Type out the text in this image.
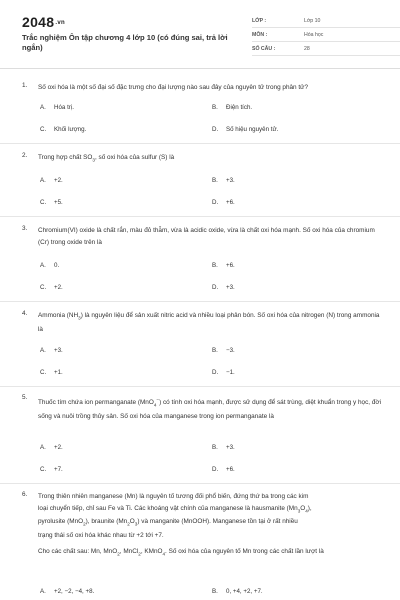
2048.vn
Trắc nghiệm Ôn tập chương 4 lớp 10 (có đúng sai, trả lời ngắn)
LỚP :	Lớp 10
MÔN :	Hóa học
SỐ CÂU :	28
1. Số oxi hóa là một số đại số đặc trưng cho đại lượng nào sau đây của nguyên tử trong phân tử?
A. Hóa trị.	B. Điện tích.
C. Khối lượng.	D. Số hiệu nguyên tử.
2. Trong hợp chất $SO_3$, số oxi hóa của sulfur (S) là
A. +2.	B. +3.
C. +5.	D. +6.
3. Chromium(VI) oxide là chất rắn, màu đỏ thẫm, vừa là acidic oxide, vừa là chất oxi hóa mạnh. Số oxi hóa của chromium (Cr) trong oxide trên là
A. 0.	B. +6.
C. +2.	D. +3.
4. Ammonia $(NH_3)$ là nguyên liệu để sản xuất nitric acid và nhiều loại phân bón. Số oxi hóa của nitrogen (N) trong ammonia là
A. +3.	B. −3.
C. +1.	D. −1.
5.
Thuốc tím chứa ion permanganate (MnO$_4$−) có tính oxi hóa mạnh, được sử dụng để sát trùng, diệt khuẩn trong y học, đời sống và nuôi trồng thủy sản. Số oxi hóa của manganese trong ion permanganate là
A. +2.	B. +3.
C. +7.	D. +6.
6. Trong thiên nhiên manganese (Mn) là nguyên tố tương đối phổ biến, đứng thứ ba trong các kim
loại chuyển tiếp, chỉ sau Fe và Ti. Các khoáng vật chính của manganese là hausmanite $(Mn_3O_4)$,
pyrolusite (MnO$_2$), braunite $(Mn_2O_3)$ và manganite (MnOOH). Manganese tồn tại ở rất nhiều
trạng thái số oxi hóa khác nhau từ +2 tới +7.
Cho các chất sau: Mn, MnO$_2$, MnCl$_2$, KMnO$_4$. Số oxi hóa của nguyên tố Mn trong các chất lần lượt là
A. +2, −2, −4, +8.	B. 0, +4, +2, +7.
